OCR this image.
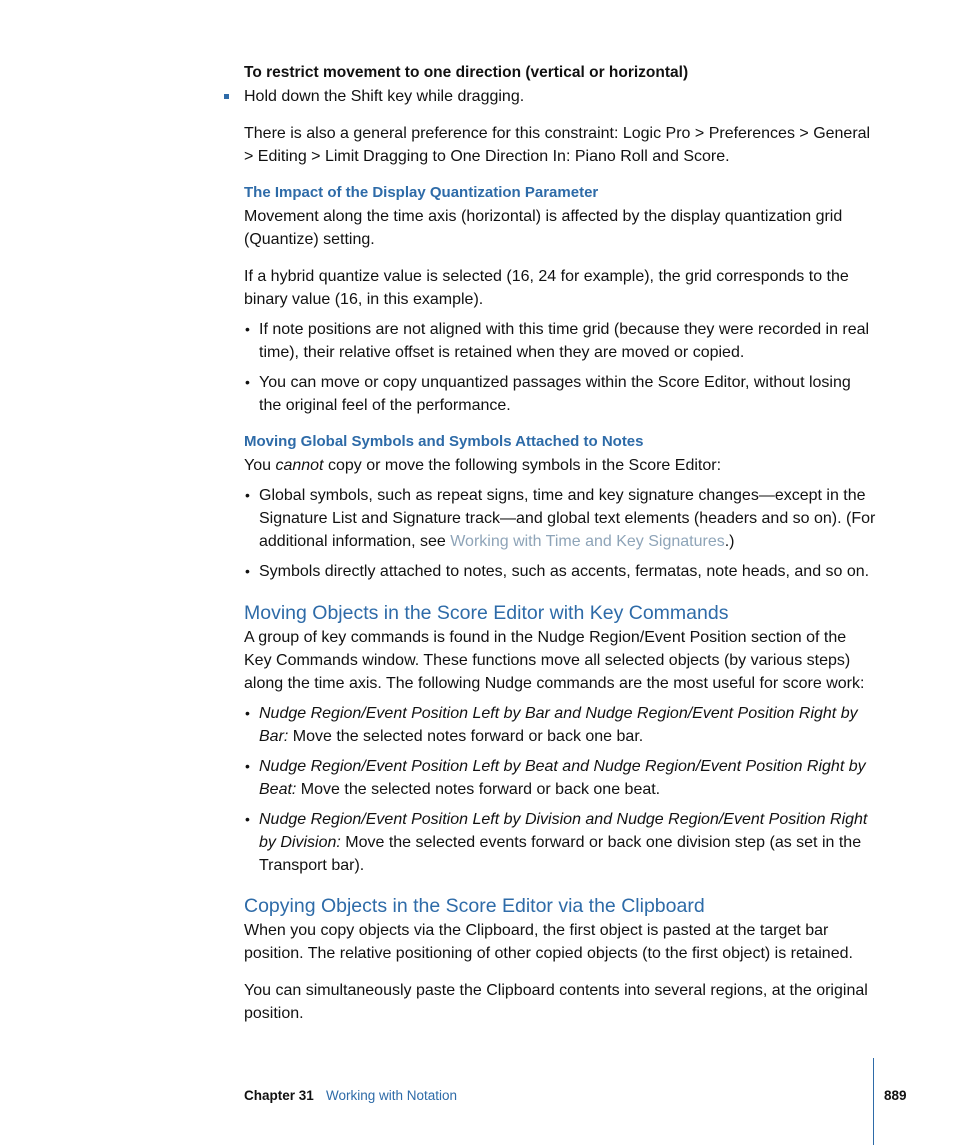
To restrict movement to one direction (vertical or horizontal)
Hold down the Shift key while dragging.
There is also a general preference for this constraint: Logic Pro > Preferences > General > Editing > Limit Dragging to One Direction In: Piano Roll and Score.
The Impact of the Display Quantization Parameter
Movement along the time axis (horizontal) is affected by the display quantization grid (Quantize) setting.
If a hybrid quantize value is selected (16, 24 for example), the grid corresponds to the binary value (16, in this example).
• If note positions are not aligned with this time grid (because they were recorded in real time), their relative offset is retained when they are moved or copied.
• You can move or copy unquantized passages within the Score Editor, without losing the original feel of the performance.
Moving Global Symbols and Symbols Attached to Notes
You cannot copy or move the following symbols in the Score Editor:
• Global symbols, such as repeat signs, time and key signature changes—except in the Signature List and Signature track—and global text elements (headers and so on). (For additional information, see Working with Time and Key Signatures.)
• Symbols directly attached to notes, such as accents, fermatas, note heads, and so on.
Moving Objects in the Score Editor with Key Commands
A group of key commands is found in the Nudge Region/Event Position section of the Key Commands window. These functions move all selected objects (by various steps) along the time axis. The following Nudge commands are the most useful for score work:
• Nudge Region/Event Position Left by Bar and Nudge Region/Event Position Right by Bar: Move the selected notes forward or back one bar.
• Nudge Region/Event Position Left by Beat and Nudge Region/Event Position Right by Beat: Move the selected notes forward or back one beat.
• Nudge Region/Event Position Left by Division and Nudge Region/Event Position Right by Division: Move the selected events forward or back one division step (as set in the Transport bar).
Copying Objects in the Score Editor via the Clipboard
When you copy objects via the Clipboard, the first object is pasted at the target bar position. The relative positioning of other copied objects (to the first object) is retained.
You can simultaneously paste the Clipboard contents into several regions, at the original position.
Chapter 31 Working with Notation	889
